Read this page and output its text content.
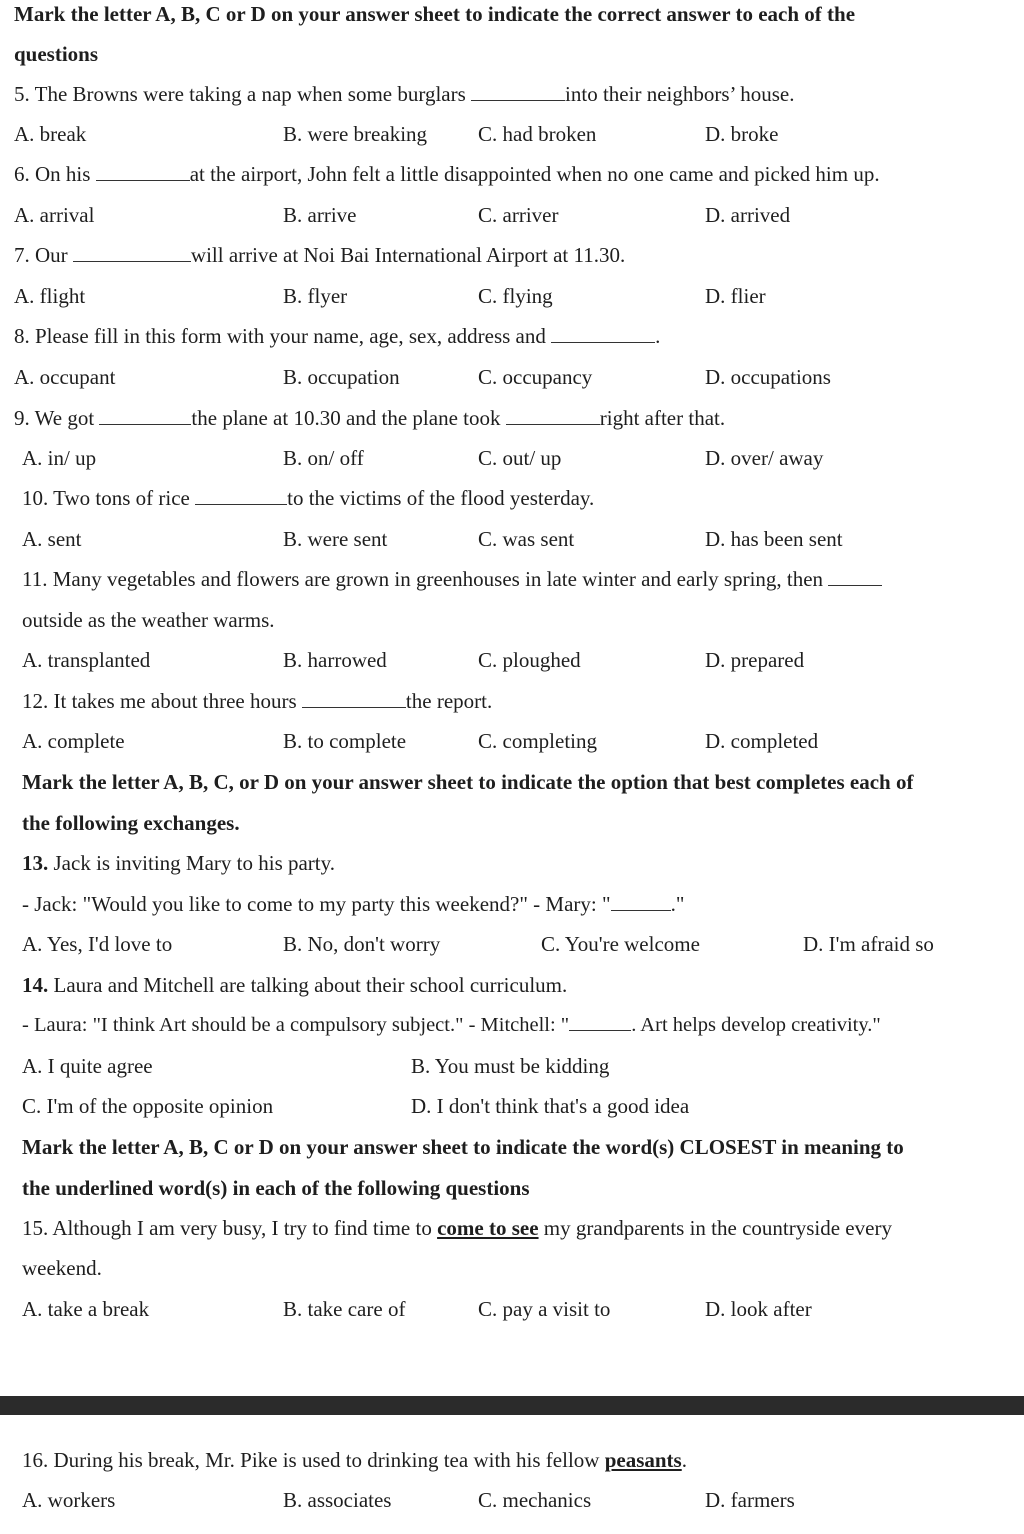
Mark the letter A, B, C or D on your answer sheet to indicate the correct answer to each of the
questions
5. The Browns were taking a nap when some burglars	into their neighbors’ house.
A. break	B. were breaking C. had broken	D. broke
6. On his	at the airport, John felt a little disappointed when no one came and picked him up.
A. arrival	B. arrive	C. arriver	D. arrived
7. Our	will arrive at Noi Bai International Airport at 11.30.
A. flight	B. flyer	C. flying	D. flier
8. Please fill in this form with your name, age, sex, address and	.
A. occupant	B. occupation	C. occupancy	D. occupations
9. We got	the plane at 10.30 and the plane took	right after that.
A. in/ up	B. on/ off	C. out/ up	D. over/ away
10. Two tons of rice	to the victims of the flood yesterday.
A. sent	B. were sent	C. was sent	D. has been sent
11. Many vegetables and flowers are grown in greenhouses in late winter and early spring, then
outside as the weather warms.
A. transplanted	B. harrowed	C. ploughed	D. prepared
12. It takes me about three hours	the report.
A. complete	B. to complete	C. completing	D. completed
Mark the letter A, B, C, or D on your answer sheet to indicate the option that best completes each of
the following exchanges.
13. Jack is inviting Mary to his party.
- Jack: "Would you like to come to my party this weekend?" - Mary: "	."
A. Yes, I'd love to	B. No, don't worry	C. You're welcome	D. I'm afraid so
14. Laura and Mitchell are talking about their school curriculum.
- Laura: "I think Art should be a compulsory subject." - Mitchell: "	. Art helps develop creativity."
A. I quite agree	B. You must be kidding
C. I'm of the opposite opinion	D. I don't think that's a good idea
Mark the letter A, B, C or D on your answer sheet to indicate the word(s) CLOSEST in meaning to
the underlined word(s) in each of the following questions
15. Although I am very busy, I try to find time to come to see my grandparents in the countryside every
weekend.
A. take a break	B. take care of	C. pay a visit to	D. look after
16. During his break, Mr. Pike is used to drinking tea with his fellow peasants.
A. workers	B. associates	C. mechanics	D. farmers
